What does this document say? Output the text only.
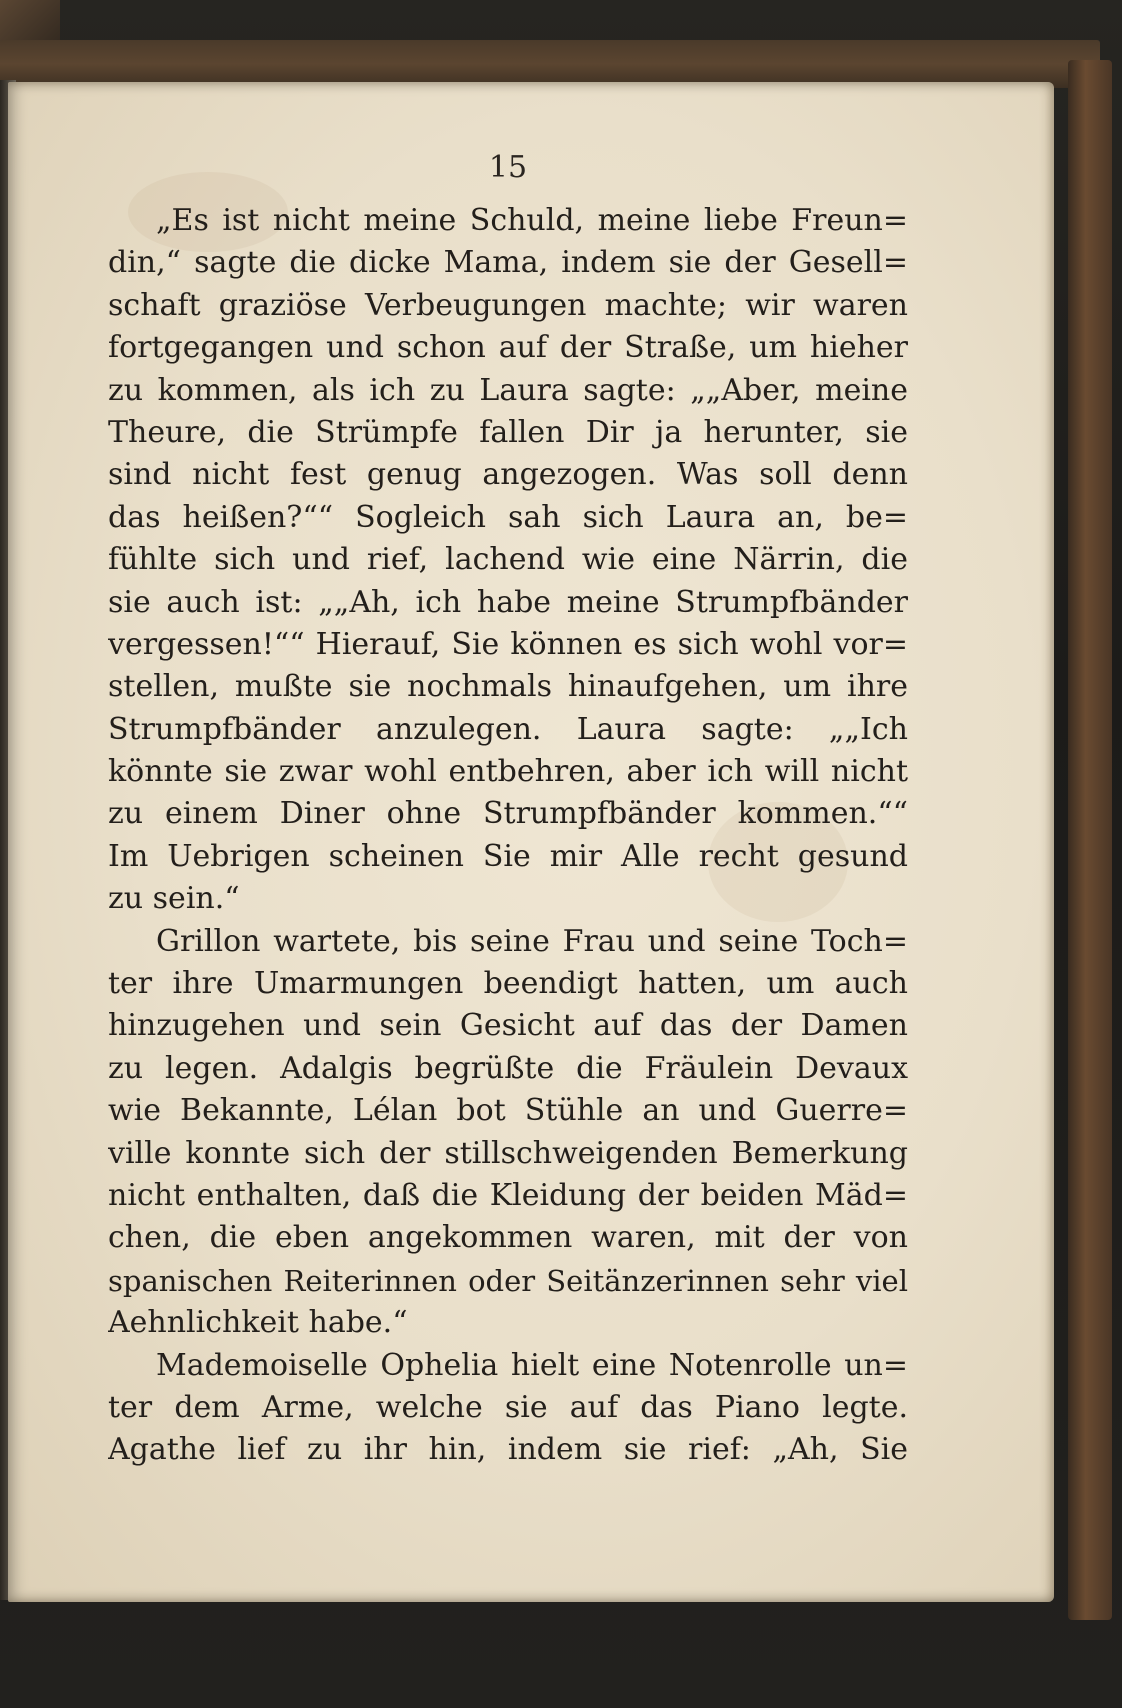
15
„Es ist nicht meine Schuld, meine liebe Freun=
din,“ sagte die dicke Mama, indem sie der Gesell=
schaft graziöse Verbeugungen machte; wir waren
fortgegangen und schon auf der Straße, um hieher
zu kommen, als ich zu Laura sagte: „„Aber, meine
Theure, die Strümpfe fallen Dir ja herunter, sie
sind nicht fest genug angezogen. Was soll denn
das heißen?““ Sogleich sah sich Laura an, be=
fühlte sich und rief, lachend wie eine Närrin, die
sie auch ist: „„Ah, ich habe meine Strumpfbänder
vergessen!““ Hierauf, Sie können es sich wohl vor=
stellen, mußte sie nochmals hinaufgehen, um ihre
Strumpfbänder anzulegen. Laura sagte: „„Ich
könnte sie zwar wohl entbehren, aber ich will nicht
zu einem Diner ohne Strumpfbänder kommen.““
Im Uebrigen scheinen Sie mir Alle recht gesund
zu sein.“
Grillon wartete, bis seine Frau und seine Toch=
ter ihre Umarmungen beendigt hatten, um auch
hinzugehen und sein Gesicht auf das der Damen
zu legen. Adalgis begrüßte die Fräulein Devaux
wie Bekannte, Lélan bot Stühle an und Guerre=
ville konnte sich der stillschweigenden Bemerkung
nicht enthalten, daß die Kleidung der beiden Mäd=
chen, die eben angekommen waren, mit der von
spanischen Reiterinnen oder Seitänzerinnen sehr viel
Aehnlichkeit habe.“
Mademoiselle Ophelia hielt eine Notenrolle un=
ter dem Arme, welche sie auf das Piano legte.
Agathe lief zu ihr hin, indem sie rief: „Ah, Sie
